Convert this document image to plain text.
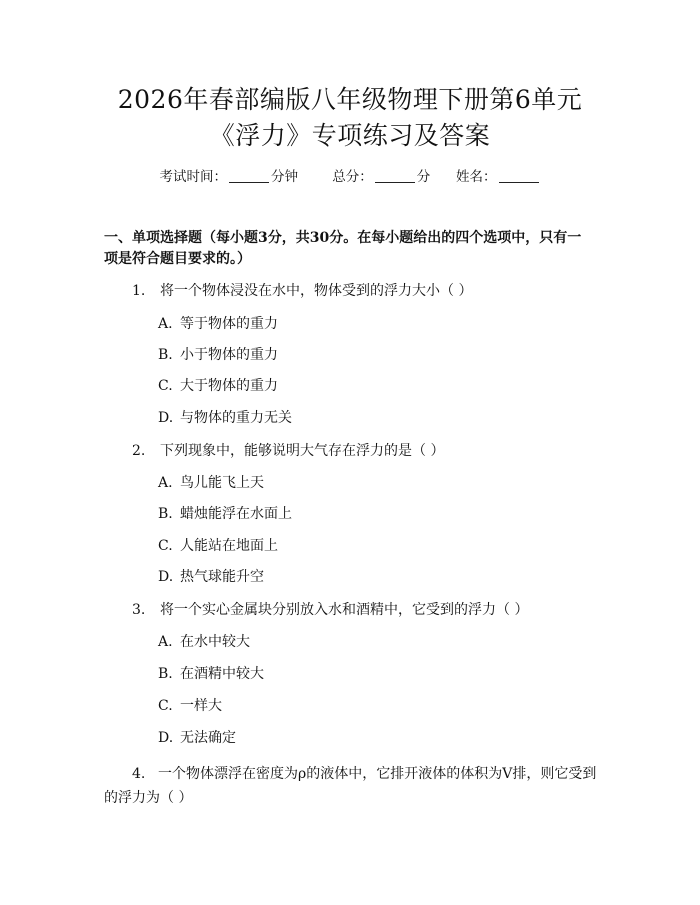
2026年春部编版八年级物理下册第6单元
《浮力》专项练习及答案
考试时间：	分钟	总分：	分 姓名：
一、单项选择题（每小题3分，共30分。在每小题给出的四个选项中，只有一项是符合题目要求的。）
1. 将一个物体浸没在水中，物体受到的浮力大小（ ）
A. 等于物体的重力
B. 小于物体的重力
C. 大于物体的重力
D. 与物体的重力无关
2. 下列现象中，能够说明大气存在浮力的是（ ）
A. 鸟儿能飞上天
B. 蜡烛能浮在水面上
C. 人能站在地面上
D. 热气球能升空
3. 将一个实心金属块分别放入水和酒精中，它受到的浮力（ ）
A. 在水中较大
B. 在酒精中较大
C. 一样大
D. 无法确定
4. 一个物体漂浮在密度为ρ的液体中，它排开液体的体积为V排，则它受到的浮力为（ ）
